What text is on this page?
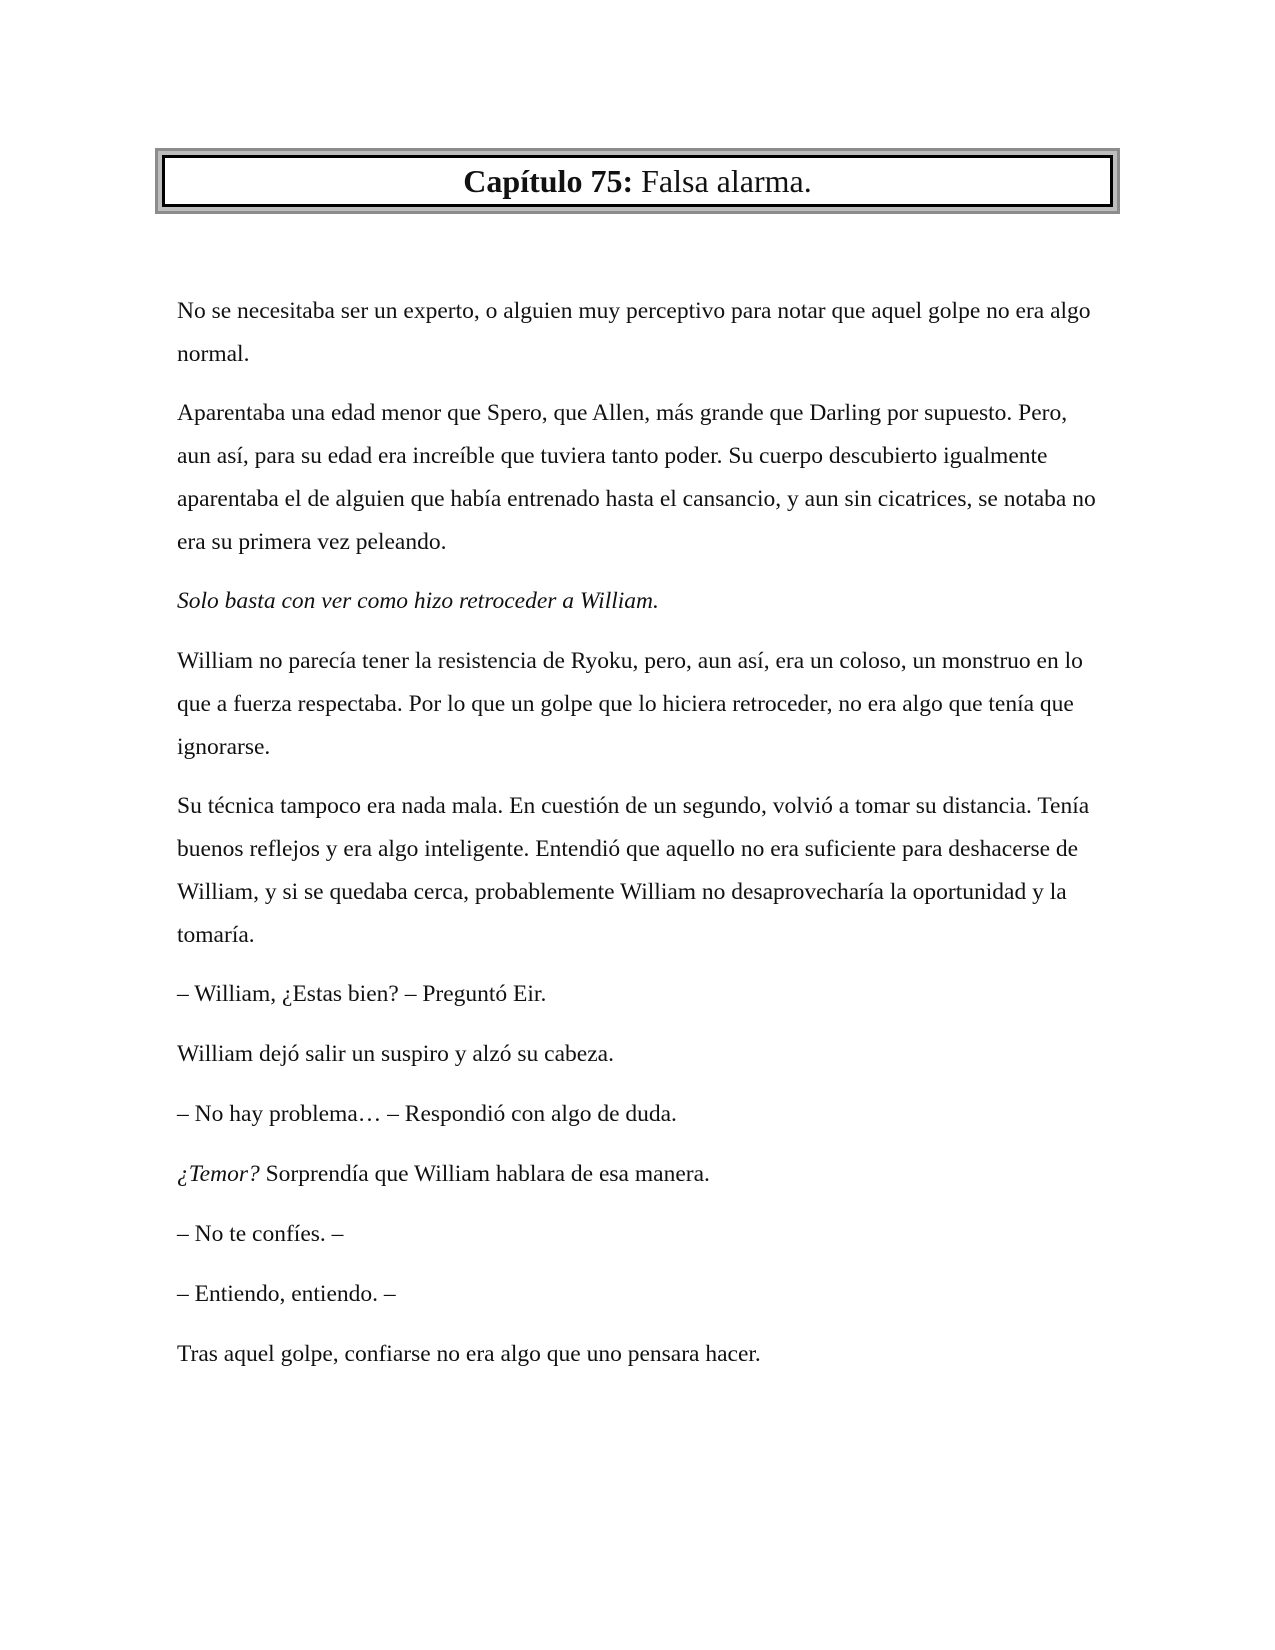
Capítulo 75: Falsa alarma.

No se necesitaba ser un experto, o alguien muy perceptivo para notar que aquel golpe no era algo normal.

Aparentaba una edad menor que Spero, que Allen, más grande que Darling por supuesto. Pero, aun así, para su edad era increíble que tuviera tanto poder. Su cuerpo descubierto igualmente aparentaba el de alguien que había entrenado hasta el cansancio, y aun sin cicatrices, se notaba no era su primera vez peleando.

Solo basta con ver como hizo retroceder a William.

William no parecía tener la resistencia de Ryoku, pero, aun así, era un coloso, un monstruo en lo que a fuerza respectaba. Por lo que un golpe que lo hiciera retroceder, no era algo que tenía que ignorarse.

Su técnica tampoco era nada mala. En cuestión de un segundo, volvió a tomar su distancia. Tenía buenos reflejos y era algo inteligente. Entendió que aquello no era suficiente para deshacerse de William, y si se quedaba cerca, probablemente William no desaprovecharía la oportunidad y la tomaría.

– William, ¿Estas bien? – Preguntó Eir.

William dejó salir un suspiro y alzó su cabeza.

– No hay problema… – Respondió con algo de duda.

¿Temor? Sorprendía que William hablara de esa manera.

– No te confíes. –

– Entiendo, entiendo. –

Tras aquel golpe, confiarse no era algo que uno pensara hacer.
